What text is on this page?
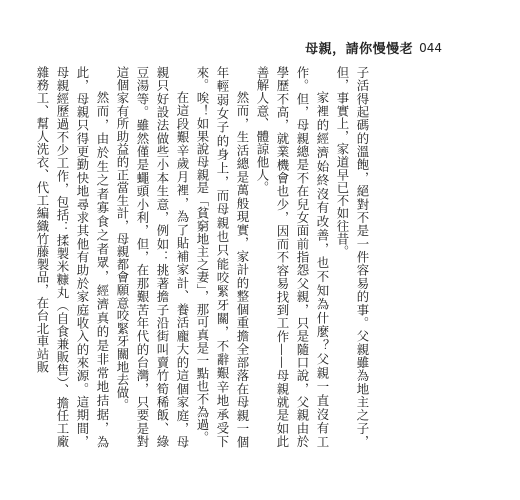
母親，請你慢慢老 044

子活得起碼的溫飽，絕對不是一件容易的事。父親雖為地主之子，但，事實上，家道早已不如往昔。

家裡的經濟始終沒有改善，也不知為什麼？父親一直沒有工作。但，母親總是不在兒女面前指怨父親，只是隨口說，父親由於學歷不高，就業機會也少，因而不容易找到工作——母親就是如此善解人意、體諒他人。

然而，生活總是萬般現實，家計的整個重擔全部落在母親一個年輕弱女子的身上，而母親也只能咬緊牙關，不辭艱辛地承受下來。唉！如果說母親是「貧窮地主之妻」，那可真是一點也不為過。

在這段艱辛歲月裡，為了貼補家計、養活龐大的這個家庭，母親只好設法做些小本生意，例如：挑著擔子沿街叫賣竹筍稀飯、綠豆湯等。雖然僅是蠅頭小利，但，在那艱苦年代的台灣，只要是對這個家有所助益的正當生計，母親都會願意咬緊牙關地去做。

然而，由於生之者寡食之者眾，經濟真的是非常地拮据，為此，母親只得更勤快地尋求其他有助於家庭收入的來源。這期間，母親經歷過不少工作，包括：揉製米糠丸（自食兼販售）、擔任工廠雜務工、幫人洗衣、代工編織竹藤製品，在台北車站販
